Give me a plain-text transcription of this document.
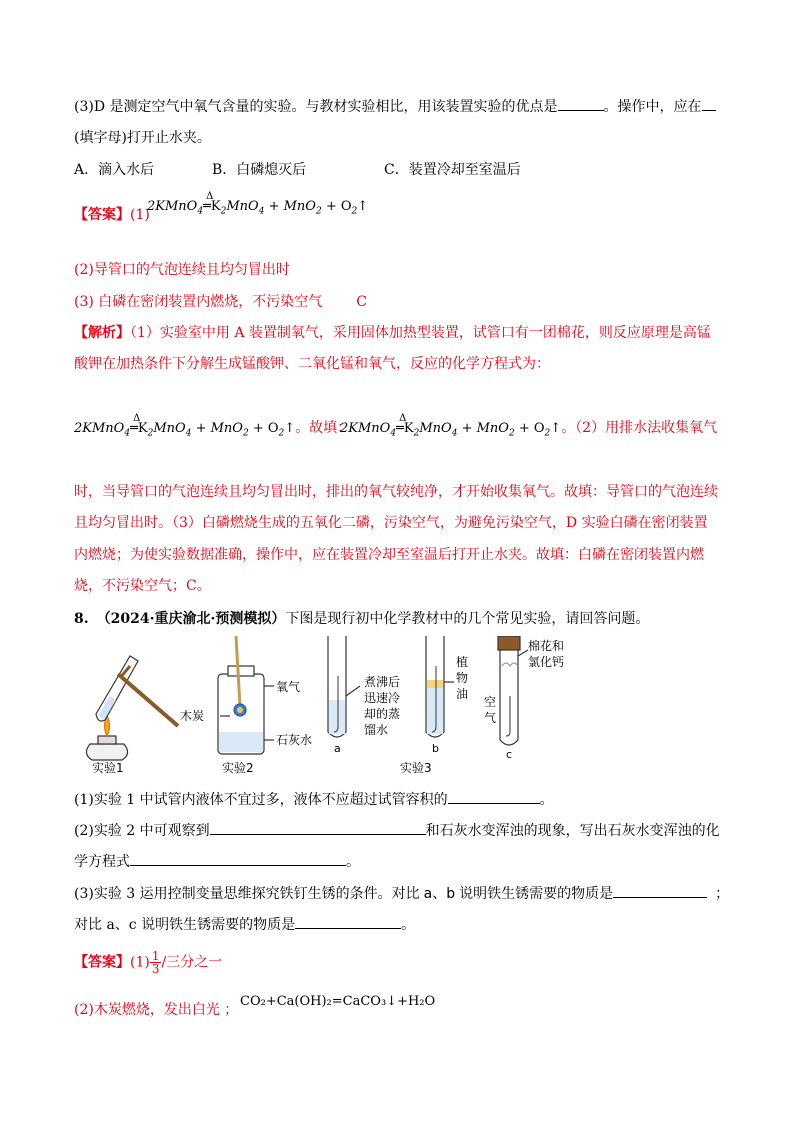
(3)D 是测定空气中氧气含量的实验。与教材实验相比，用该装置实验的优点是	。操作中，应在
(填字母)打开止水夹。
A．滴入水后	B．白磷熄灭后	C．装置冷却至室温后
【答案】(1)
2KMnO$_4$
Δ
$═K_2MnO_4 + MnO_2$ + $O_2↑$
(2)导管口的气泡连续且均匀冒出时
(3) 白磷在密闭装置内燃烧，不污染空气 C
【解析】（1）实验室中用 A 装置制氧气，采用固体加热型装置，试管口有一团棉花，则反应原理是高锰
酸钾在加热条件下分解生成锰酸钾、二氧化锰和氧气，反应的化学方程式为：
2KMnO$_4$
Δ
$═K_2MnO_4 + MnO_2$ + $O_2↑$。故填：
2KMnO$_4$
Δ
$═K_2MnO_4 + MnO_2$ + $O_2↑$。（2）用排水法收集氧气
时，当导管口的气泡连续且均匀冒出时，排出的氧气较纯净，才开始收集氧气。故填：导管口的气泡连续
且均匀冒出时。（3）白磷燃烧生成的五氧化二磷，污染空气，为避免污染空气，D 实验白磷在密闭装置
内燃烧；为使实验数据准确，操作中，应在装置冷却至室温后打开止水夹。故填：白磷在密闭装置内燃
烧，不污染空气；C。
8. （2024·重庆渝北·预测模拟）下图是现行初中化学教材中的几个常见实验，请回答问题。
实验1
氧气
木炭
石灰水
实验2
煮沸后
迅速冷
却的蒸
馏水
植
物
油
空
气
棉花和
氯化钙
a	b	c
实验3
(1)实验 1 中试管内液体不宜过多，液体不应超过试管容积的	。
(2)实验 2 中可观察到	和石灰水变浑浊的现象，写出石灰水变浑浊的化
学方程式	。
(3)实验 3 运用控制变量思维探究铁钉生锈的条件。对比 a、b 说明铁生锈需要的物质是	；
对比 a、c 说明铁生锈需要的物质是	。
【答案】$(1) \frac{1}{3}$ /三分之一
(2)木炭燃烧，发出白光 ；
CO₂+Ca(OH)₂=CaCO₃↓+H₂O
